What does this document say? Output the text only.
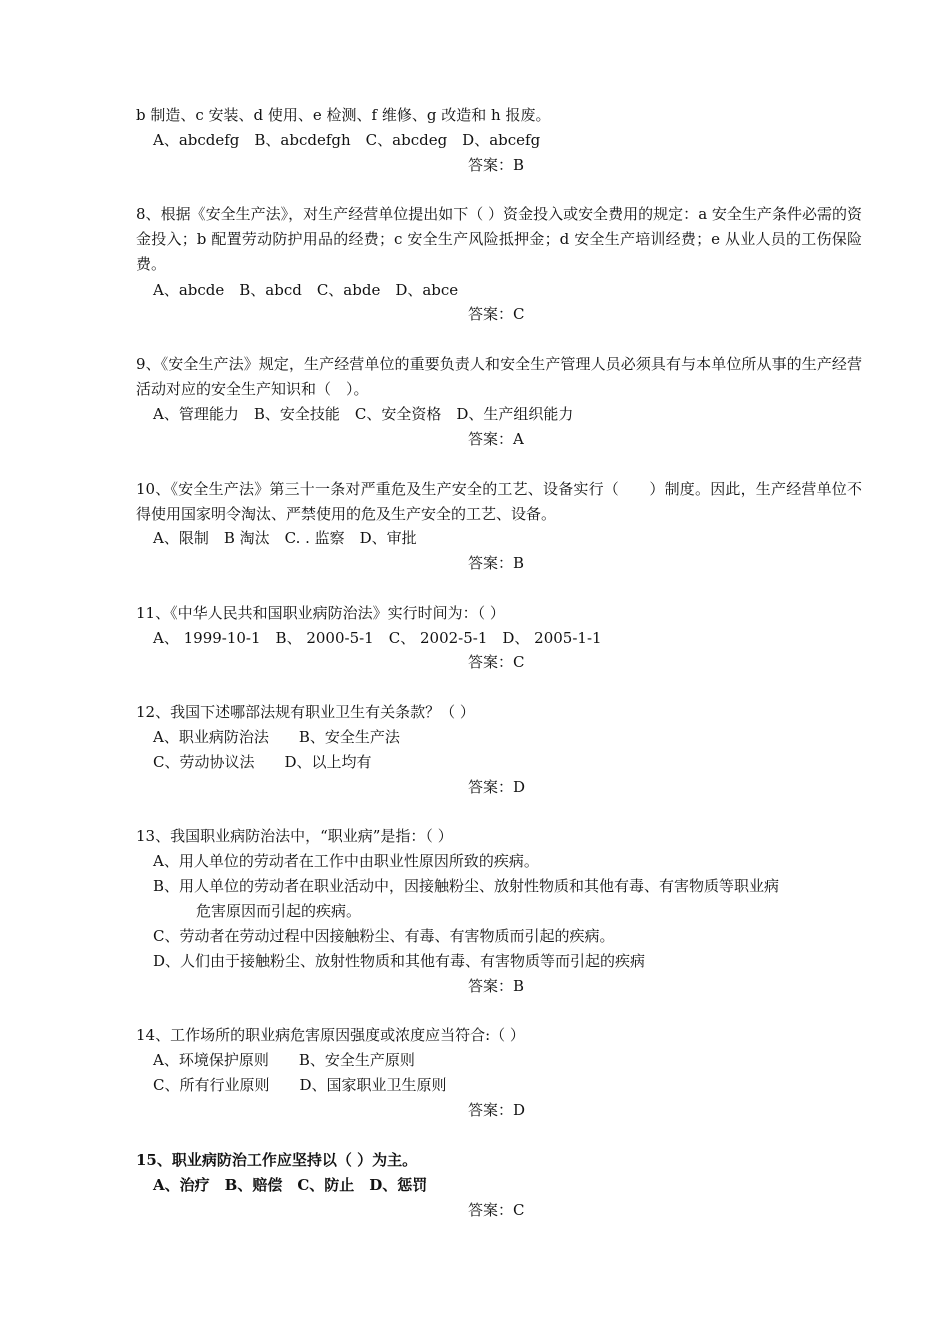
b 制造、c 安装、d 使用、e 检测、f 维修、g 改造和 h 报废。
A、abcdefg　B、abcdefgh　C、abcdeg　D、abcefg
答案：B
8、根据《安全生产法》，对生产经营单位提出如下（ ）资金投入或安全费用的规定：a 安全生产条件必需的资金投入；b 配置劳动防护用品的经费；c 安全生产风险抵押金；d 安全生产培训经费；e 从业人员的工伤保险费。
A、abcde　B、abcd　C、abde　D、abce
答案：C
9、《安全生产法》规定，生产经营单位的重要负责人和安全生产管理人员必须具有与本单位所从事的生产经营活动对应的安全生产知识和（　）。
A、管理能力　B、安全技能　C、安全资格　D、生产组织能力
答案：A
10、《安全生产法》第三十一条对严重危及生产安全的工艺、设备实行（　　）制度。因此，生产经营单位不得使用国家明令淘汰、严禁使用的危及生产安全的工艺、设备。
A、限制　B 淘汰　C. . 监察　D、审批
答案：B
11、《中华人民共和国职业病防治法》实行时间为：（ ）
A、 1999-10-1　B、 2000-5-1　C、 2002-5-1　D、 2005-1-1
答案：C
12、我国下述哪部法规有职业卫生有关条款？（ ）
A、职业病防治法　　B、安全生产法
C、劳动协议法　　D、以上均有
答案：D
13、我国职业病防治法中，“职业病”是指：（ ）
A、用人单位的劳动者在工作中由职业性原因所致的疾病。
B、用人单位的劳动者在职业活动中，因接触粉尘、放射性物质和其他有毒、有害物质等职业病
危害原因而引起的疾病。
C、劳动者在劳动过程中因接触粉尘、有毒、有害物质而引起的疾病。
D、人们由于接触粉尘、放射性物质和其他有毒、有害物质等而引起的疾病
答案：B
14、工作场所的职业病危害原因强度或浓度应当符合:（ ）
A、环境保护原则　　B、安全生产原则
C、所有行业原则　　D、国家职业卫生原则
答案：D
15、职业病防治工作应坚持以（ ）为主。
A、治疗　B、赔偿　C、防止　D、惩罚
答案：C
